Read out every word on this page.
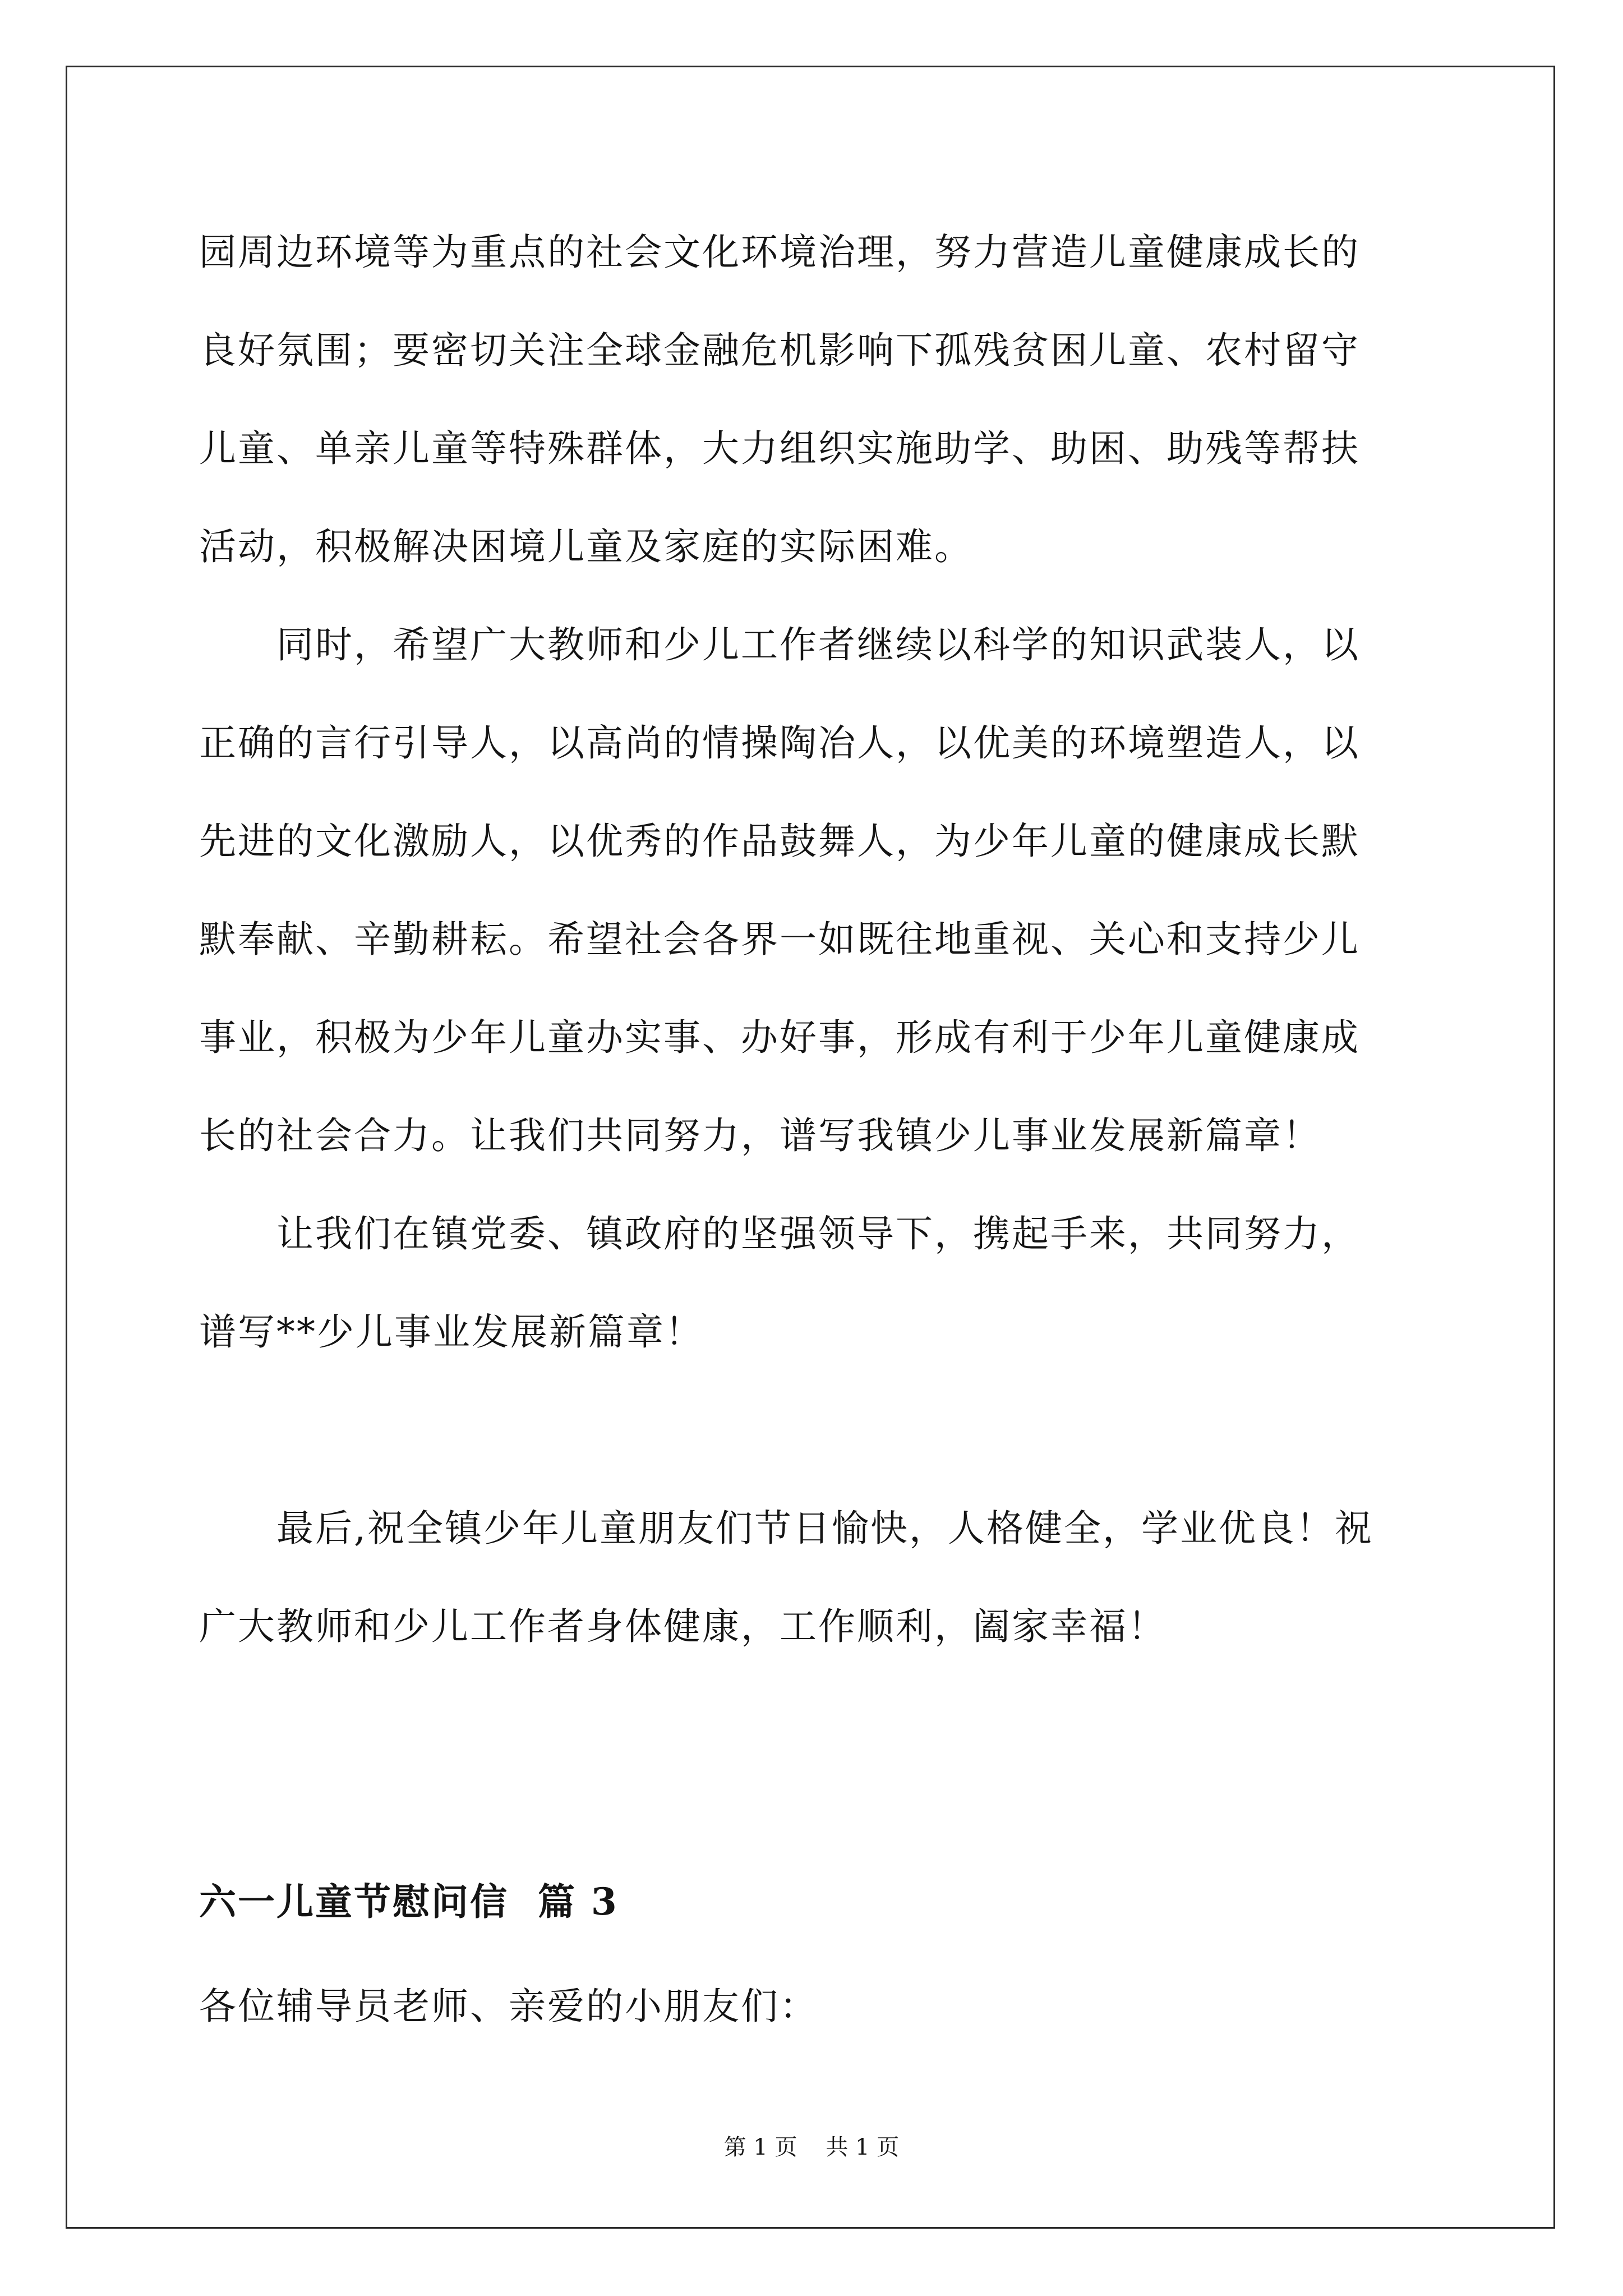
园周边环境等为重点的社会文化环境治理，努力营造儿童健康成长的
良好氛围；要密切关注全球金融危机影响下孤残贫困儿童、农村留守
儿童、单亲儿童等特殊群体，大力组织实施助学、助困、助残等帮扶
活动，积极解决困境儿童及家庭的实际困难。

　　同时，希望广大教师和少儿工作者继续以科学的知识武装人，以
正确的言行引导人，以高尚的情操陶冶人，以优美的环境塑造人，以
先进的文化激励人，以优秀的作品鼓舞人，为少年儿童的健康成长默
默奉献、辛勤耕耘。希望社会各界一如既往地重视、关心和支持少儿
事业，积极为少年儿童办实事、办好事，形成有利于少年儿童健康成
长的社会合力。让我们共同努力，谱写我镇少儿事业发展新篇章！

　　让我们在镇党委、镇政府的坚强领导下，携起手来，共同努力，
谱写**少儿事业发展新篇章！

　　最后,祝全镇少年儿童朋友们节日愉快，人格健全，学业优良！祝
广大教师和少儿工作者身体健康，工作顺利，阖家幸福！

六一儿童节慰问信  篇 3

各位辅导员老师、亲爱的小朋友们：

第 1 页    共 1 页
